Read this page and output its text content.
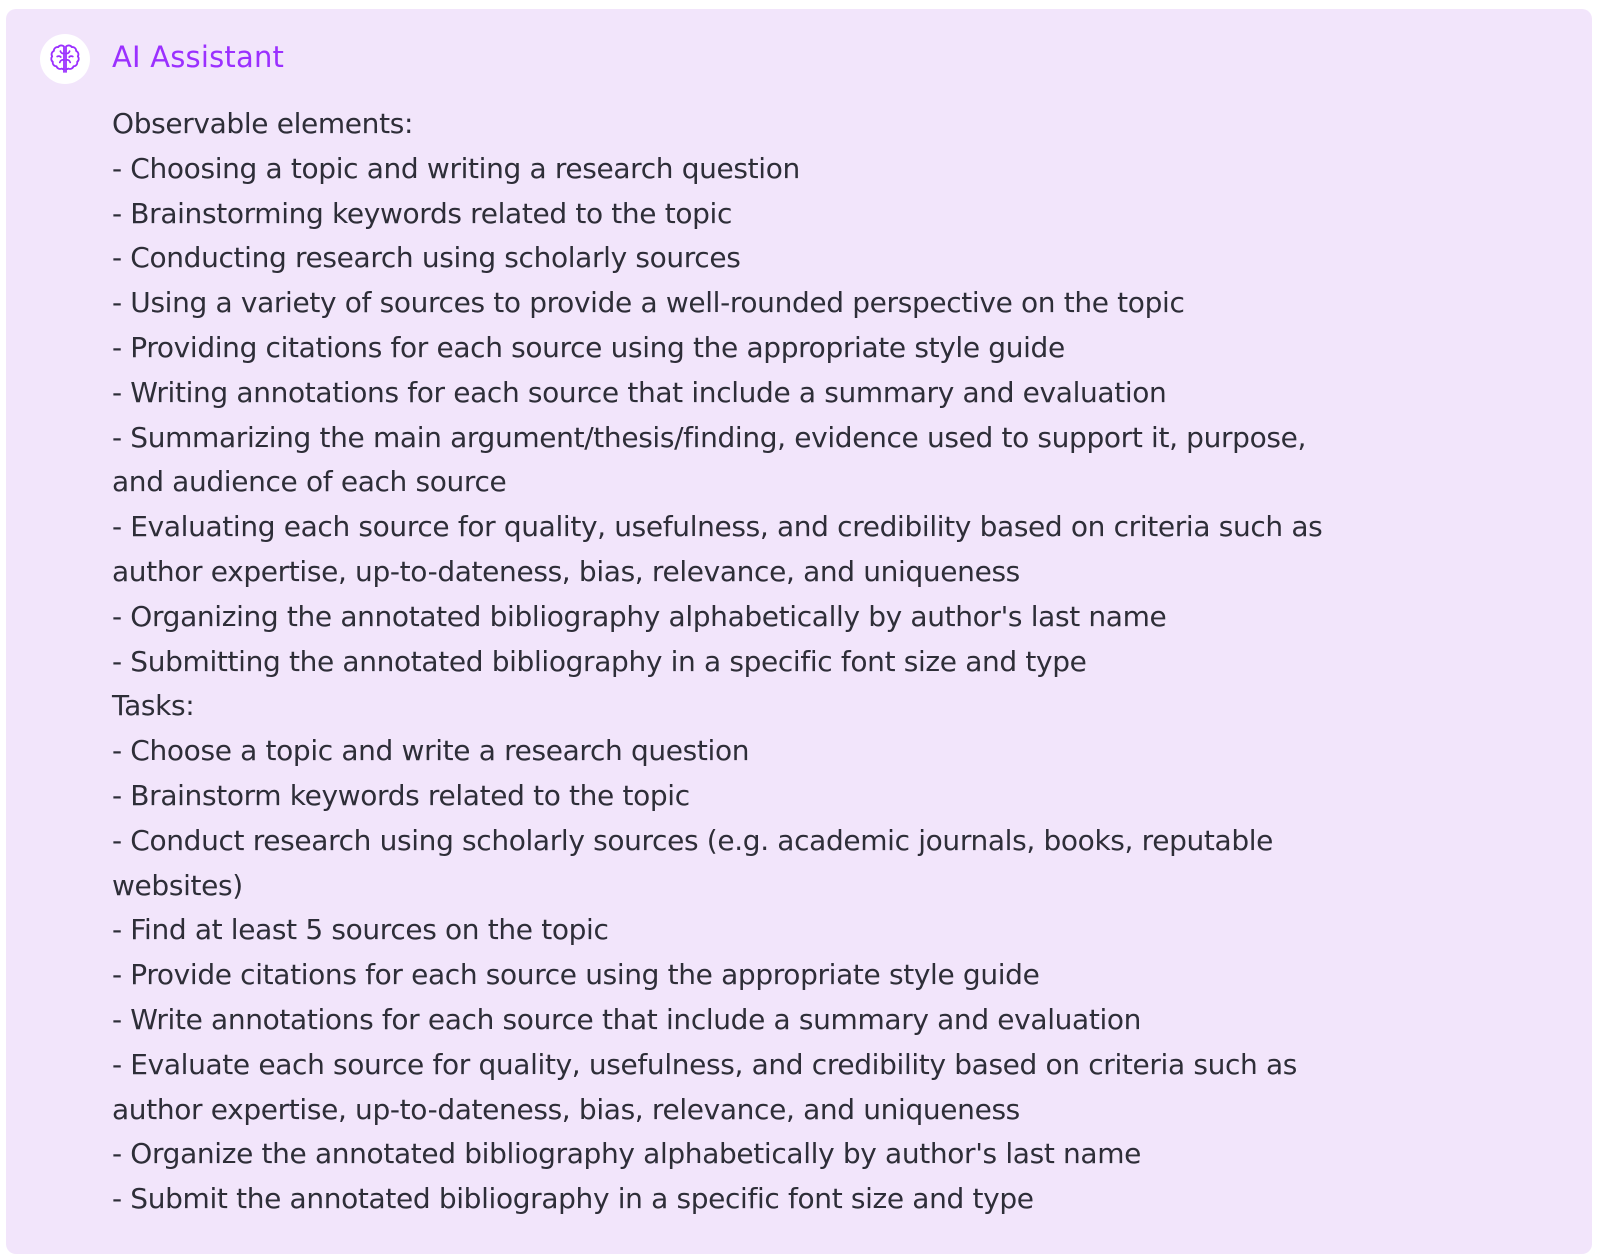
AI Assistant
Observable elements:
- Choosing a topic and writing a research question
- Brainstorming keywords related to the topic
- Conducting research using scholarly sources
- Using a variety of sources to provide a well-rounded perspective on the topic
- Providing citations for each source using the appropriate style guide
- Writing annotations for each source that include a summary and evaluation
- Summarizing the main argument/thesis/finding, evidence used to support it, purpose,
and audience of each source
- Evaluating each source for quality, usefulness, and credibility based on criteria such as
author expertise, up-to-dateness, bias, relevance, and uniqueness
- Organizing the annotated bibliography alphabetically by author's last name
- Submitting the annotated bibliography in a specific font size and type
Tasks:
- Choose a topic and write a research question
- Brainstorm keywords related to the topic
- Conduct research using scholarly sources (e.g. academic journals, books, reputable
websites)
- Find at least 5 sources on the topic
- Provide citations for each source using the appropriate style guide
- Write annotations for each source that include a summary and evaluation
- Evaluate each source for quality, usefulness, and credibility based on criteria such as
author expertise, up-to-dateness, bias, relevance, and uniqueness
- Organize the annotated bibliography alphabetically by author's last name
- Submit the annotated bibliography in a specific font size and type
